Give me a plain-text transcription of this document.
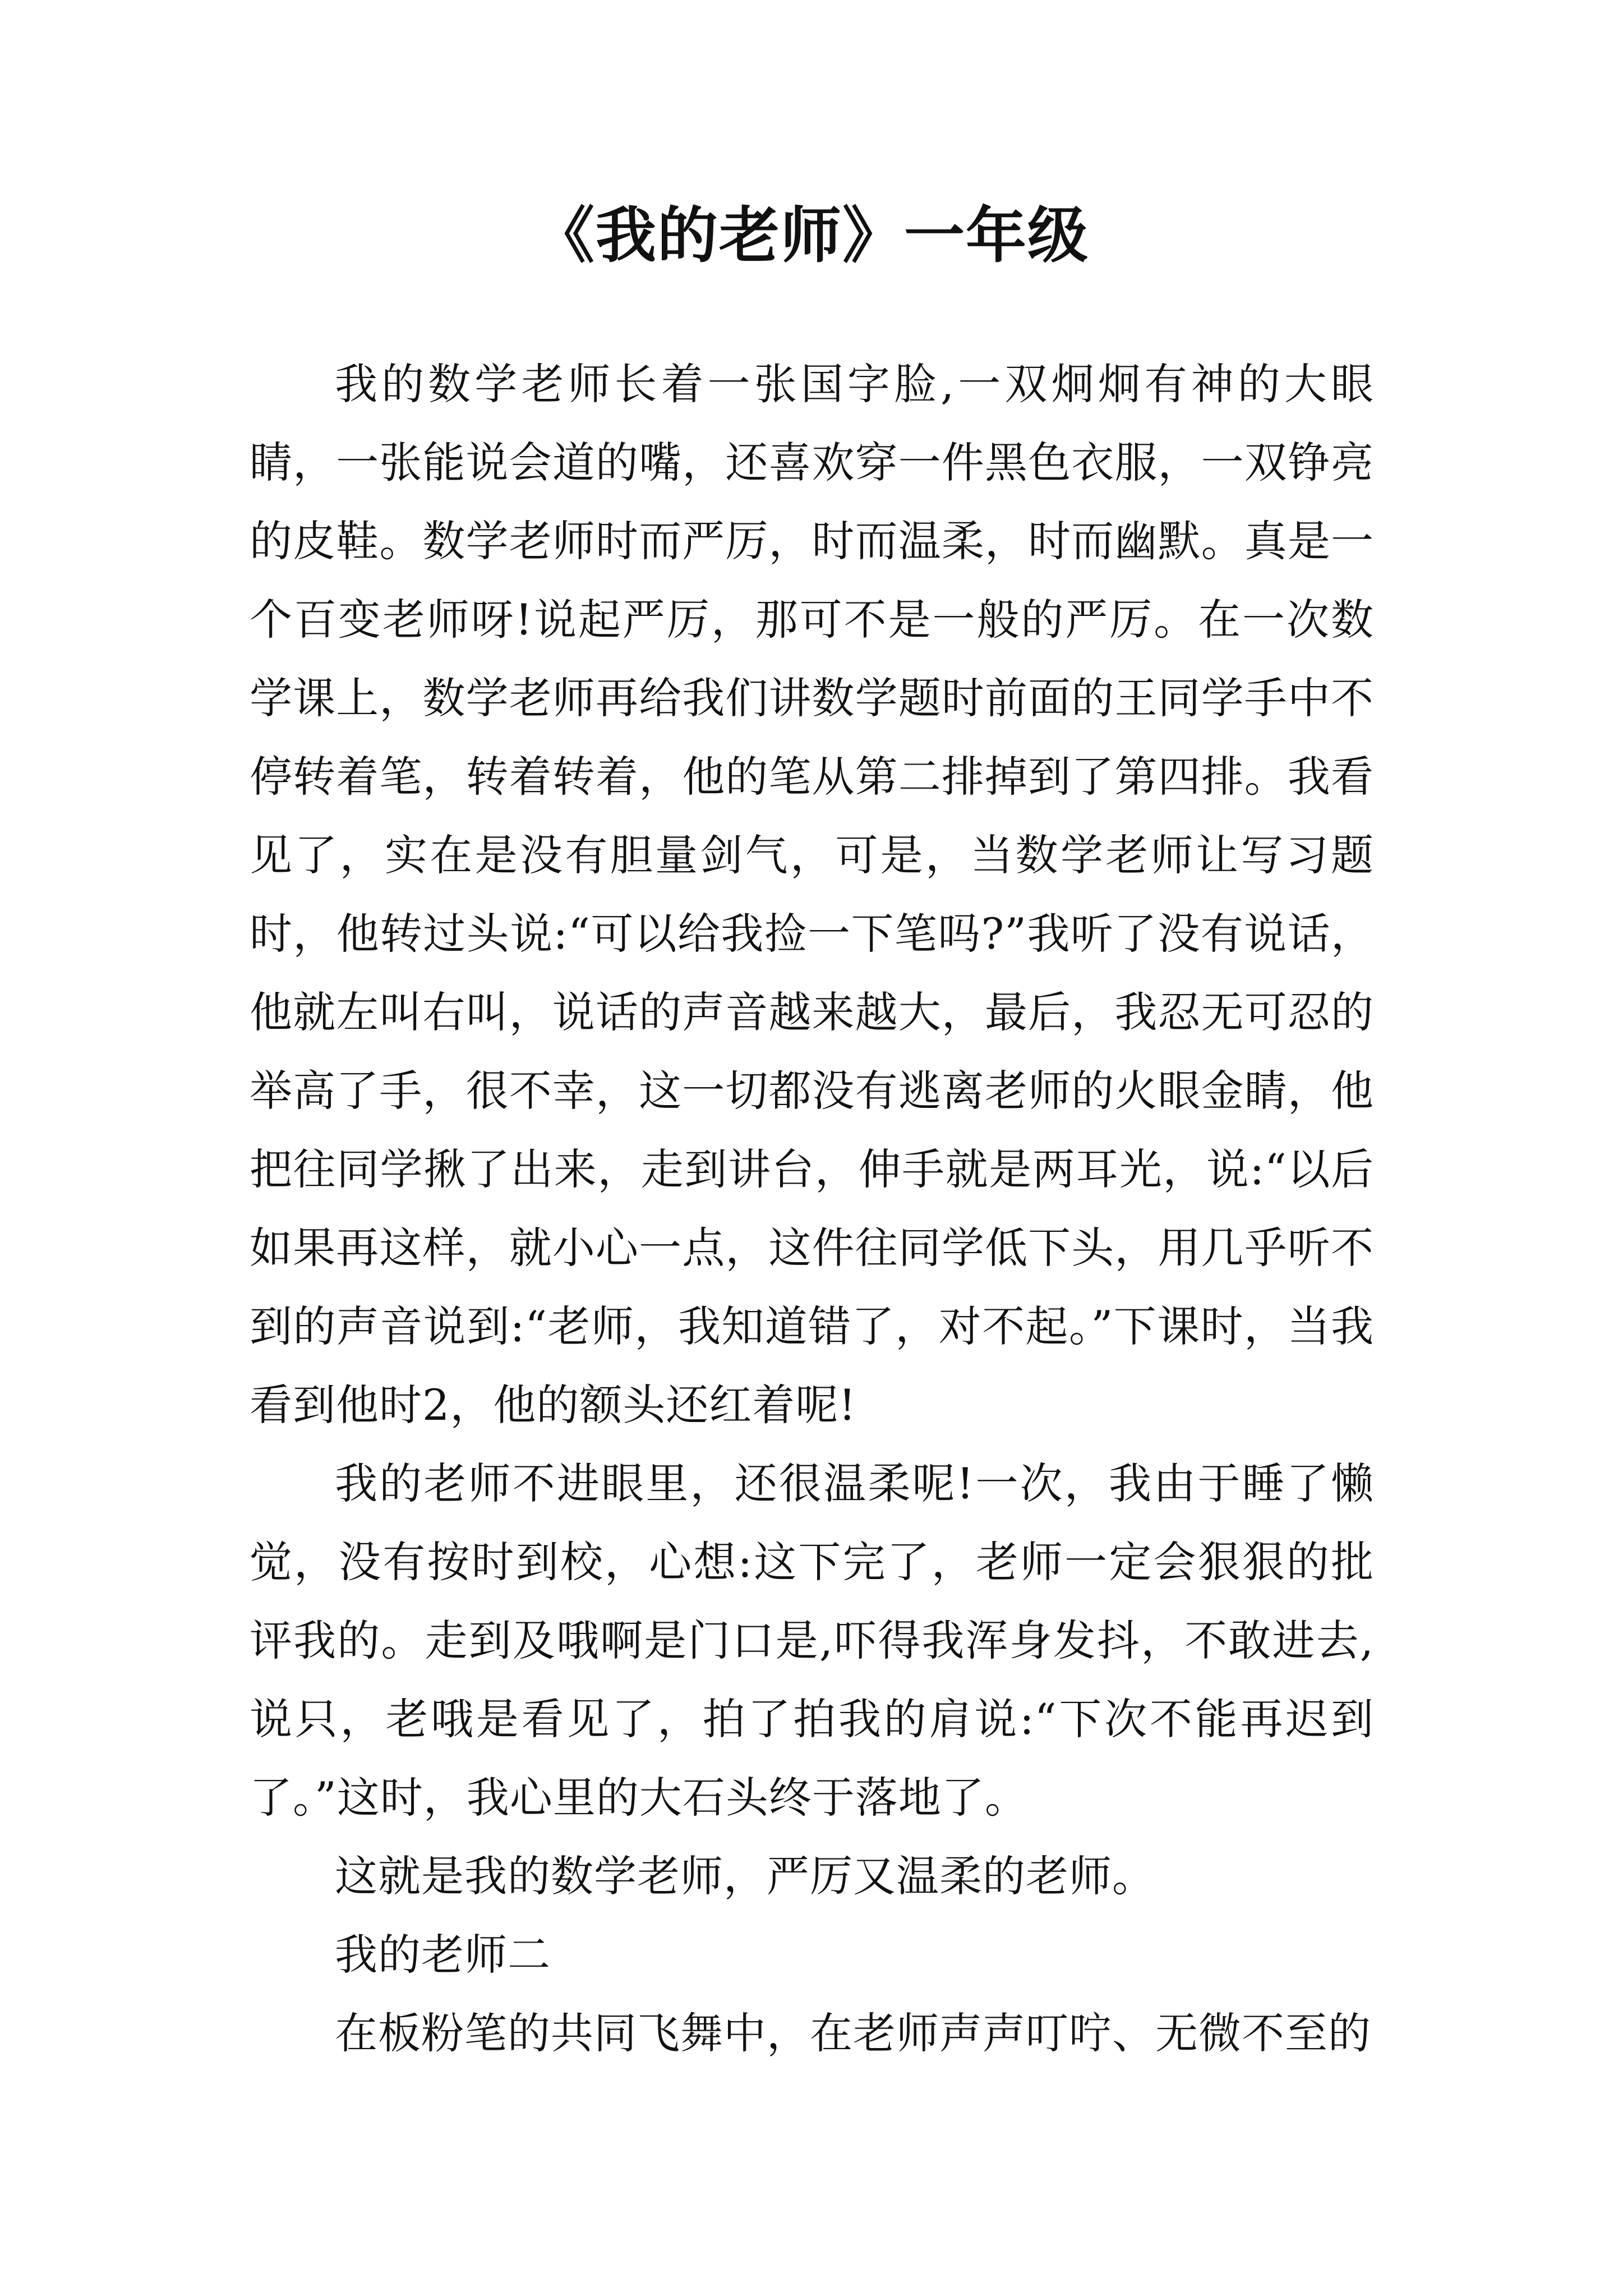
《我的老师》一年级

我的数学老师长着一张国字脸,一双炯炯有神的大眼睛，一张能说会道的嘴，还喜欢穿一件黑色衣服，一双铮亮的皮鞋。数学老师时而严厉，时而温柔，时而幽默。真是一个百变老师呀!说起严厉，那可不是一般的严厉。在一次数学课上，数学老师再给我们讲数学题时前面的王同学手中不停转着笔，转着转着，他的笔从第二排掉到了第四排。我看见了，实在是没有胆量剑气，可是，当数学老师让写习题时，他转过头说:“可以给我捡一下笔吗?”我听了没有说话，他就左叫右叫，说话的声音越来越大，最后，我忍无可忍的举高了手，很不幸，这一切都没有逃离老师的火眼金睛，他把往同学揪了出来，走到讲台，伸手就是两耳光，说:“以后如果再这样，就小心一点，这件往同学低下头，用几乎听不到的声音说到:“老师，我知道错了，对不起。”下课时，当我看到他时2，他的额头还红着呢!

我的老师不进眼里，还很温柔呢!一次，我由于睡了懒觉，没有按时到校，心想:这下完了，老师一定会狠狠的批评我的。走到及哦啊是门口是,吓得我浑身发抖，不敢进去,说只，老哦是看见了，拍了拍我的肩说:“下次不能再迟到了。”这时，我心里的大石头终于落地了。

这就是我的数学老师，严厉又温柔的老师。

我的老师二

在板粉笔的共同飞舞中，在老师声声叮咛、无微不至的
